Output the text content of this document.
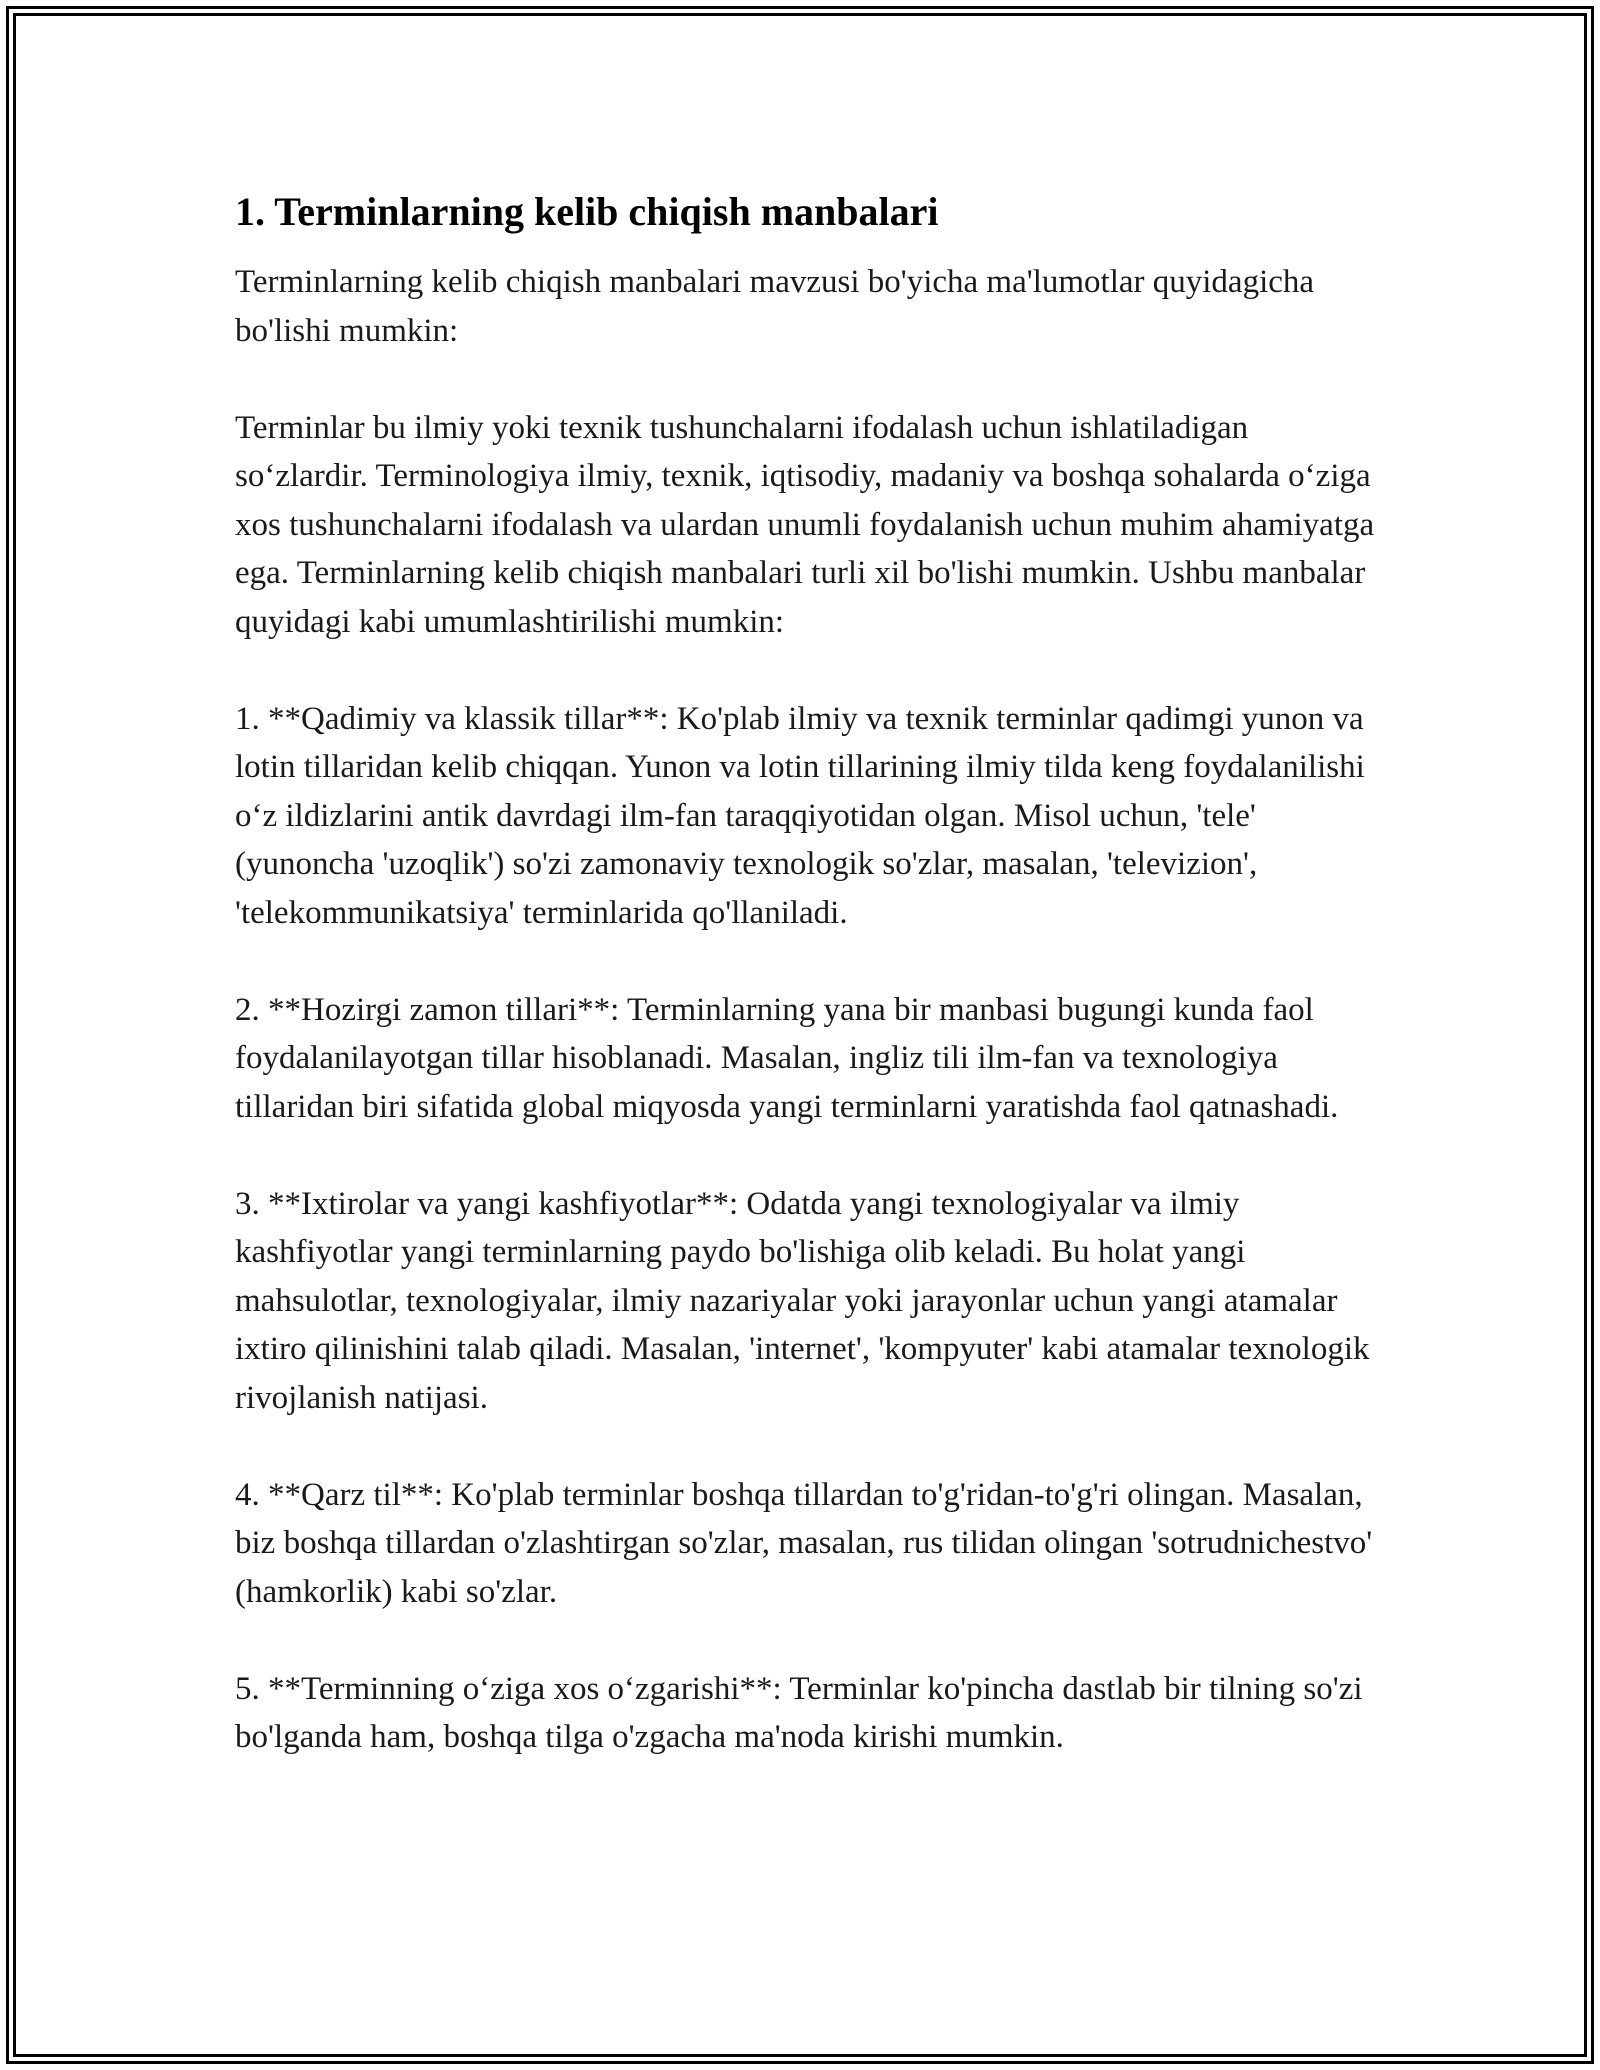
1. Terminlarning kelib chiqish manbalari

Terminlarning kelib chiqish manbalari mavzusi bo'yicha ma'lumotlar quyidagicha bo'lishi mumkin:

Terminlar bu ilmiy yoki texnik tushunchalarni ifodalash uchun ishlatiladigan so‘zlardir. Terminologiya ilmiy, texnik, iqtisodiy, madaniy va boshqa sohalarda o‘ziga xos tushunchalarni ifodalash va ulardan unumli foydalanish uchun muhim ahamiyatga ega. Terminlarning kelib chiqish manbalari turli xil bo'lishi mumkin. Ushbu manbalar quyidagi kabi umumlashtirilishi mumkin:

1. **Qadimiy va klassik tillar**: Ko'plab ilmiy va texnik terminlar qadimgi yunon va lotin tillaridan kelib chiqqan. Yunon va lotin tillarining ilmiy tilda keng foydalanilishi o‘z ildizlarini antik davrdagi ilm-fan taraqqiyotidan olgan. Misol uchun, 'tele' (yunoncha 'uzoqlik') so'zi zamonaviy texnologik so'zlar, masalan, 'televizion', 'telekommunikatsiya' terminlarida qo'llaniladi.

2. **Hozirgi zamon tillari**: Terminlarning yana bir manbasi bugungi kunda faol foydalanilayotgan tillar hisoblanadi. Masalan, ingliz tili ilm-fan va texnologiya tillaridan biri sifatida global miqyosda yangi terminlarni yaratishda faol qatnashadi.

3. **Ixtirolar va yangi kashfiyotlar**: Odatda yangi texnologiyalar va ilmiy kashfiyotlar yangi terminlarning paydo bo'lishiga olib keladi. Bu holat yangi mahsulotlar, texnologiyalar, ilmiy nazariyalar yoki jarayonlar uchun yangi atamalar ixtiro qilinishini talab qiladi. Masalan, 'internet', 'kompyuter' kabi atamalar texnologik rivojlanish natijasi.

4. **Qarz til**: Ko'plab terminlar boshqa tillardan to'g'ridan-to'g'ri olingan. Masalan, biz boshqa tillardan o'zlashtirgan so'zlar, masalan, rus tilidan olingan 'sotrudnichestvo' (hamkorlik) kabi so'zlar.

5. **Terminning o‘ziga xos o‘zgarishi**: Terminlar ko'pincha dastlab bir tilning so'zi bo'lganda ham, boshqa tilga o'zgacha ma'noda kirishi mumkin.
